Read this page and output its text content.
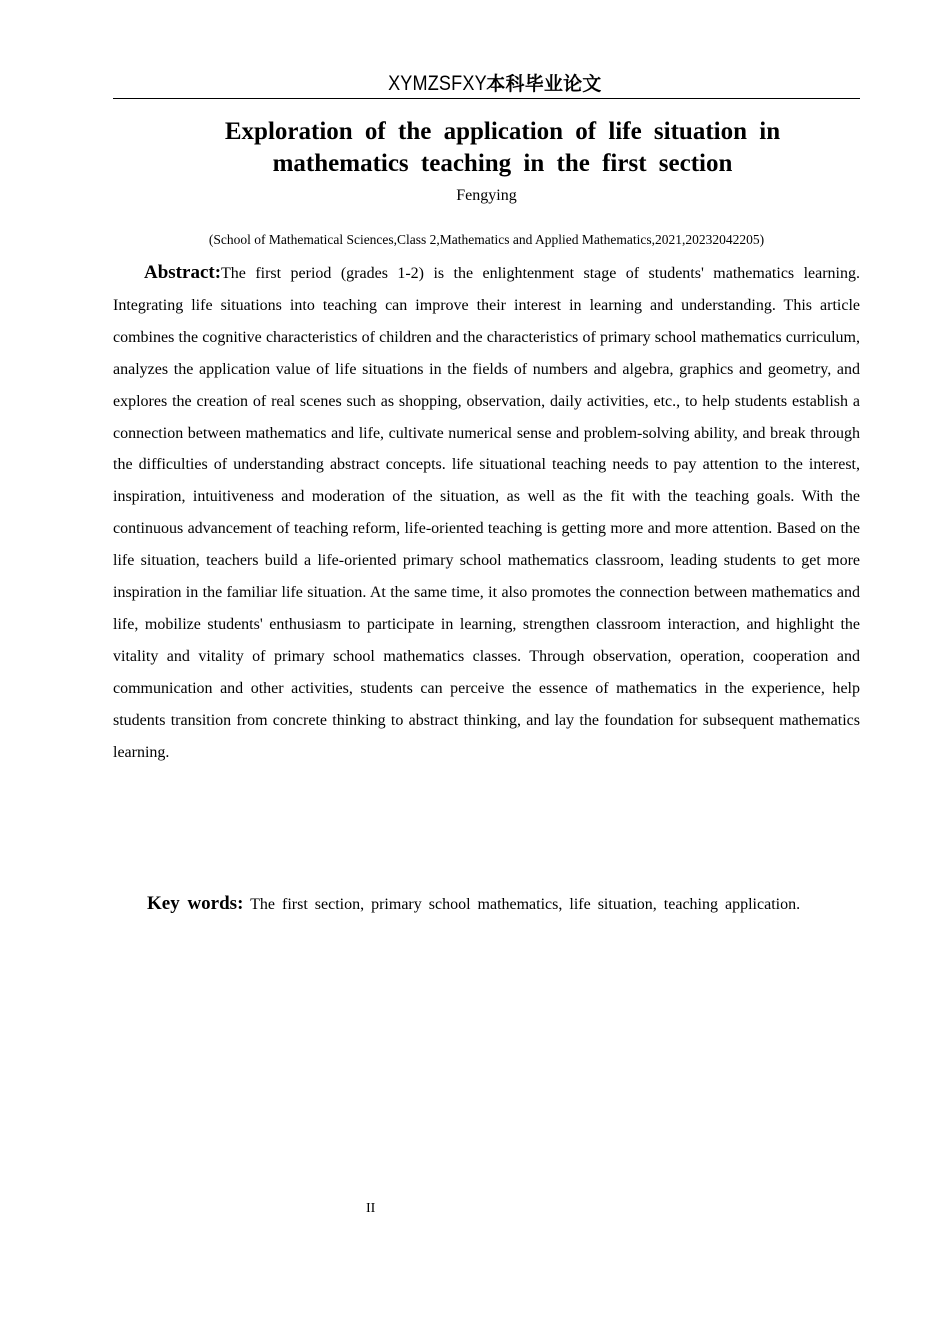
XYMZSFXY本科毕业论文
Exploration of the application of life situation in mathematics teaching in the first section
Fengying
(School of Mathematical Sciences,Class 2,Mathematics and Applied Mathematics,2021,20232042205)

Abstract:The first period (grades 1-2) is the enlightenment stage of students' mathematics learning. Integrating life situations into teaching can improve their interest in learning and understanding. This article combines the cognitive characteristics of children and the characteristics of primary school mathematics curriculum, analyzes the application value of life situations in the fields of numbers and algebra, graphics and geometry, and explores the creation of real scenes such as shopping, observation, daily activities, etc., to help students establish a connection between mathematics and life, cultivate numerical sense and problem-solving ability, and break through the difficulties of understanding abstract concepts. life situational teaching needs to pay attention to the interest, inspiration, intuitiveness and moderation of the situation, as well as the fit with the teaching goals. With the continuous advancement of teaching reform, life-oriented teaching is getting more and more attention. Based on the life situation, teachers build a life-oriented primary school mathematics classroom, leading students to get more inspiration in the familiar life situation. At the same time, it also promotes the connection between mathematics and life, mobilize students' enthusiasm to participate in learning, strengthen classroom interaction, and highlight the vitality and vitality of primary school mathematics classes. Through observation, operation, cooperation and communication and other activities, students can perceive the essence of mathematics in the experience, help students transition from concrete thinking to abstract thinking, and lay the foundation for subsequent mathematics learning.

Key words: The first section, primary school mathematics, life situation, teaching application.
II
